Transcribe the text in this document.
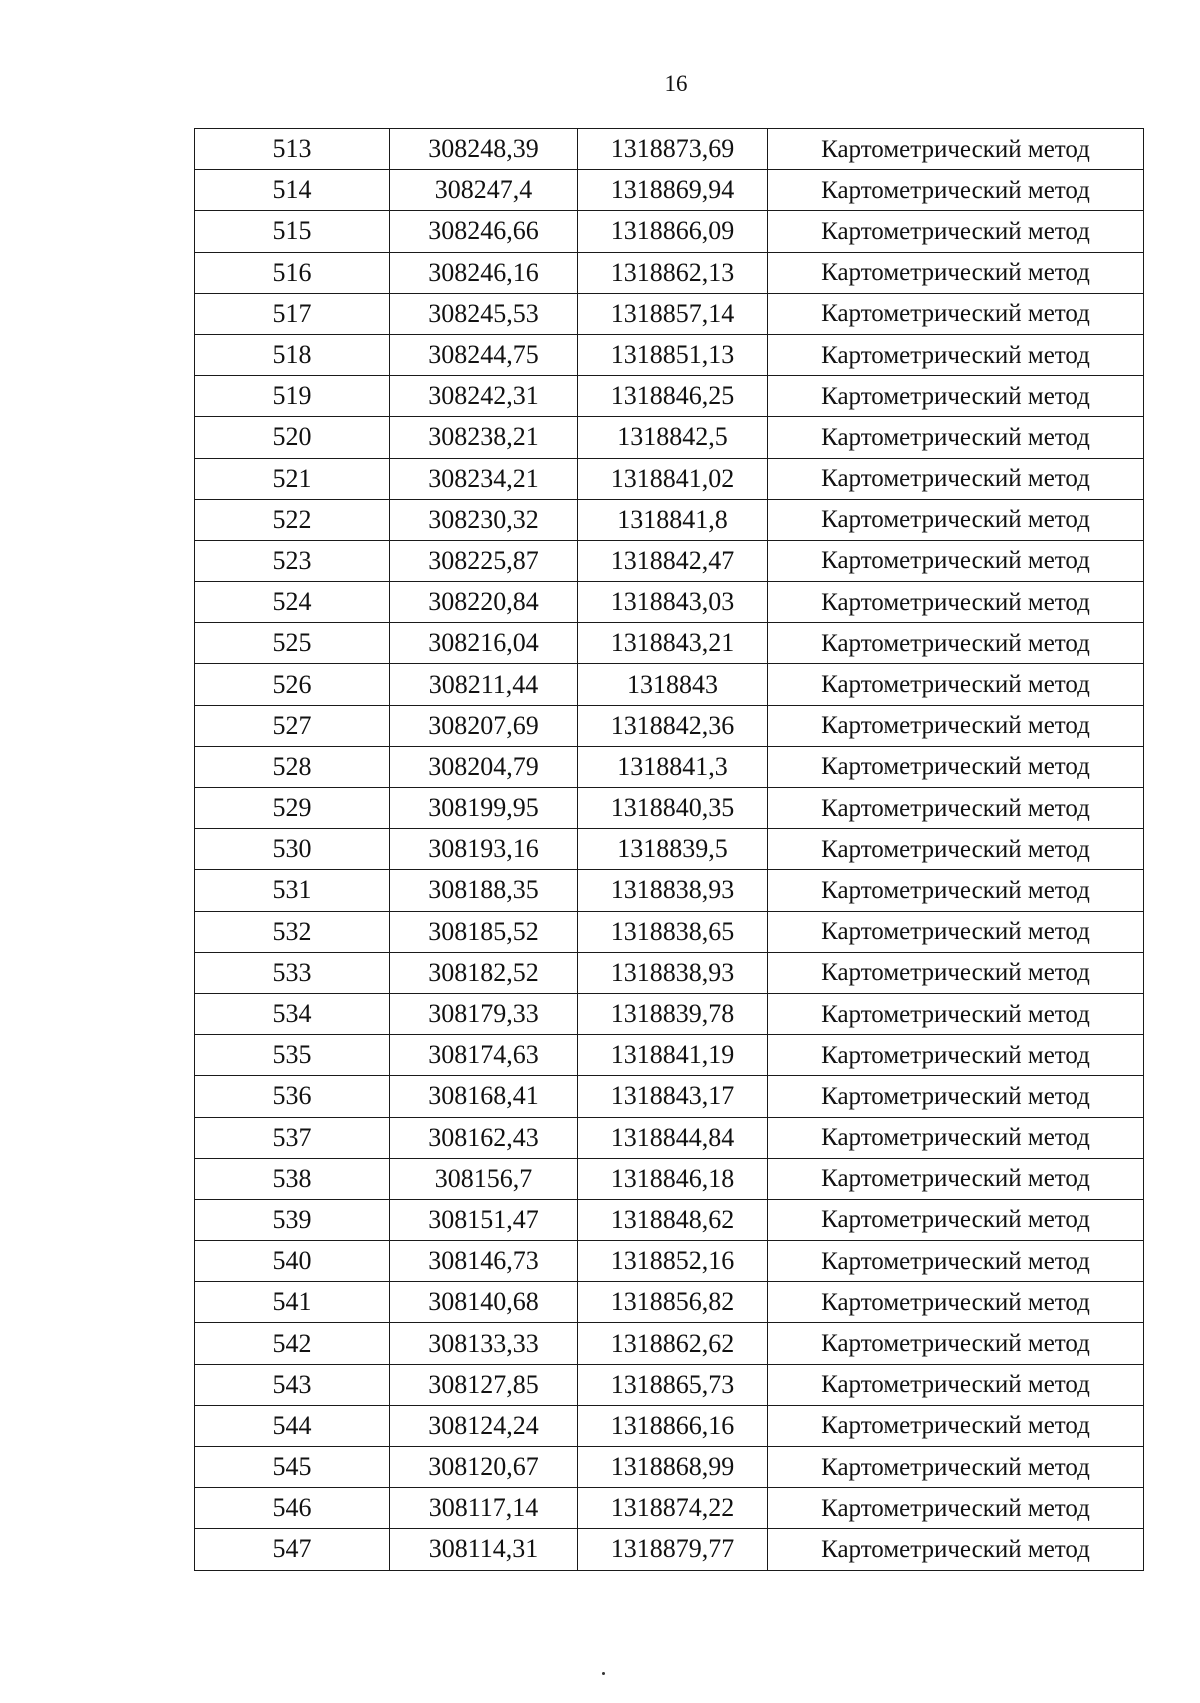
16
513	308248,39	1318873,69	Картометрический метод
514	308247,4	1318869,94	Картометрический метод
515	308246,66	1318866,09	Картометрический метод
516	308246,16	1318862,13	Картометрический метод
517	308245,53	1318857,14	Картометрический метод
518	308244,75	1318851,13	Картометрический метод
519	308242,31	1318846,25	Картометрический метод
520	308238,21	1318842,5	Картометрический метод
521	308234,21	1318841,02	Картометрический метод
522	308230,32	1318841,8	Картометрический метод
523	308225,87	1318842,47	Картометрический метод
524	308220,84	1318843,03	Картометрический метод
525	308216,04	1318843,21	Картометрический метод
526	308211,44	1318843	Картометрический метод
527	308207,69	1318842,36	Картометрический метод
528	308204,79	1318841,3	Картометрический метод
529	308199,95	1318840,35	Картометрический метод
530	308193,16	1318839,5	Картометрический метод
531	308188,35	1318838,93	Картометрический метод
532	308185,52	1318838,65	Картометрический метод
533	308182,52	1318838,93	Картометрический метод
534	308179,33	1318839,78	Картометрический метод
535	308174,63	1318841,19	Картометрический метод
536	308168,41	1318843,17	Картометрический метод
537	308162,43	1318844,84	Картометрический метод
538	308156,7	1318846,18	Картометрический метод
539	308151,47	1318848,62	Картометрический метод
540	308146,73	1318852,16	Картометрический метод
541	308140,68	1318856,82	Картометрический метод
542	308133,33	1318862,62	Картометрический метод
543	308127,85	1318865,73	Картометрический метод
544	308124,24	1318866,16	Картометрический метод
545	308120,67	1318868,99	Картометрический метод
546	308117,14	1318874,22	Картометрический метод
547	308114,31	1318879,77	Картометрический метод
